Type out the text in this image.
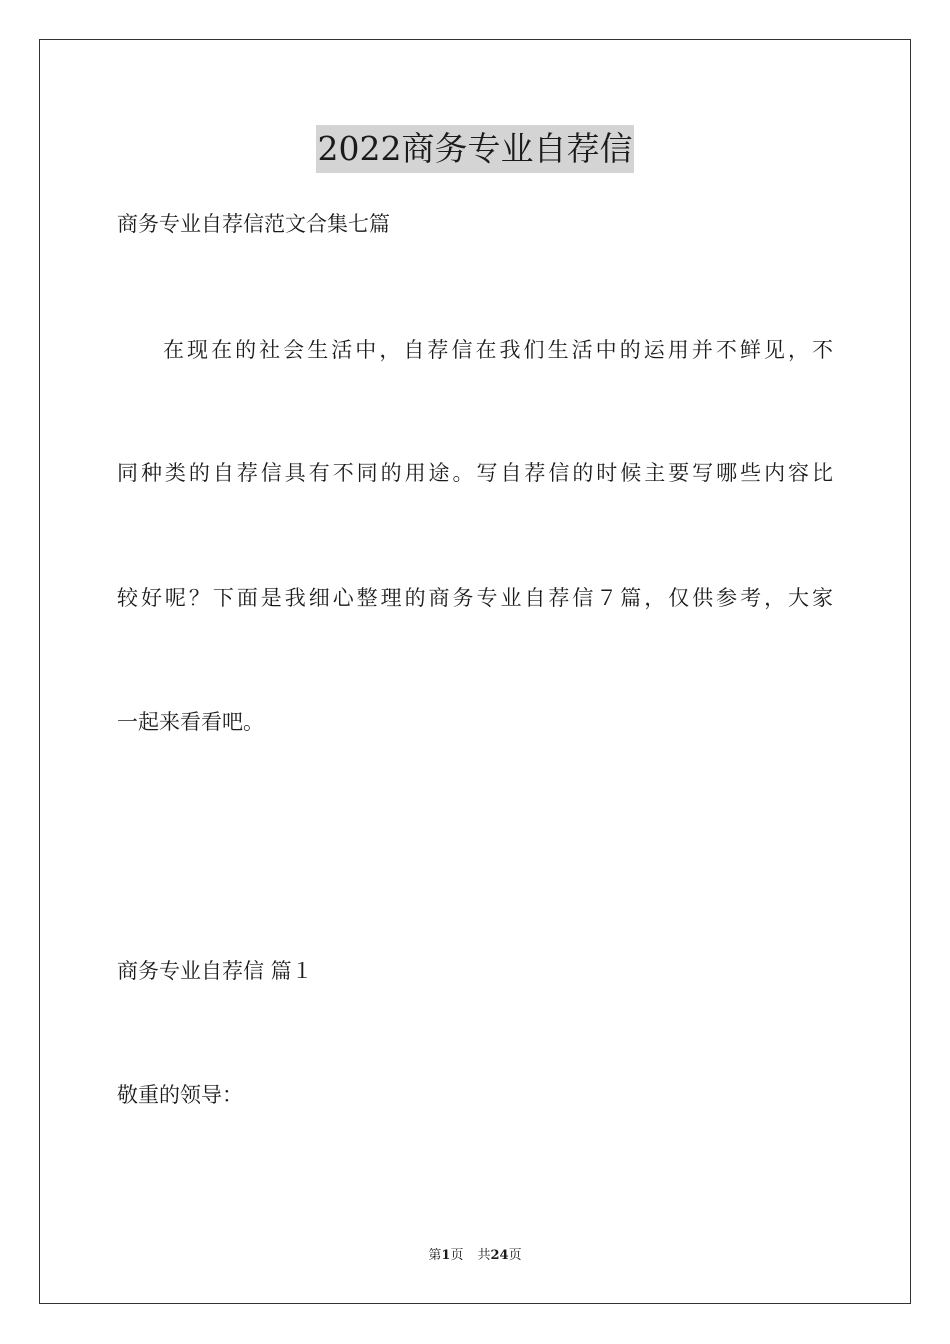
2022商务专业自荐信
商务专业自荐信范文合集七篇
在现在的社会生活中，自荐信在我们生活中的运用并不鲜见，不
同种类的自荐信具有不同的用途。写自荐信的时候主要写哪些内容比
较好呢？下面是我细心整理的商务专业自荐信７篇，仅供参考，大家
一起来看看吧。
商务专业自荐信 篇１
敬重的领导：
第1页 共24页
